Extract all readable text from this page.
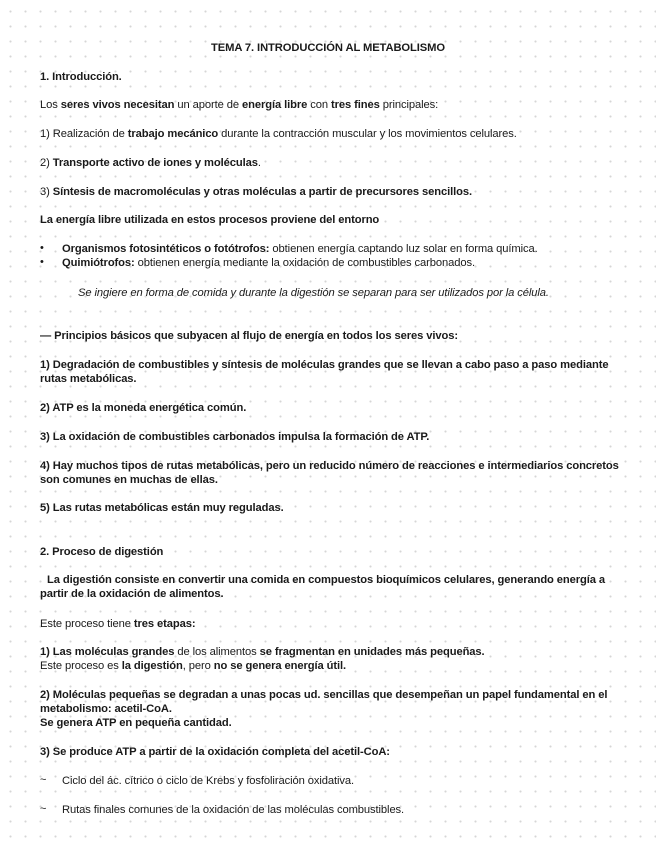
TEMA 7. INTRODUCCIÓN AL METABOLISMO
1. Introducción.
Los seres vivos necesitan un aporte de energía libre con tres fines principales:
1) Realización de trabajo mecánico durante la contracción muscular y los movimientos celulares.
2) Transporte activo de iones y moléculas.
3) Síntesis de macromoléculas y otras moléculas a partir de precursores sencillos.
La energía libre utilizada en estos procesos proviene del entorno
• Organismos fotosintéticos o fotótrofos: obtienen energía captando luz solar en forma química.
• Quimiótrofos: obtienen energía mediante la oxidación de combustibles carbonados.
Se ingiere en forma de comida y durante la digestión se separan para ser utilizados por la célula.
— Principios básicos que subyacen al flujo de energía en todos los seres vivos:
1) Degradación de combustibles y síntesis de moléculas grandes que se llevan a cabo paso a paso mediante rutas metabólicas.
2) ATP es la moneda energética común.
3) La oxidación de combustibles carbonados impulsa la formación de ATP.
4) Hay muchos tipos de rutas metabólicas, pero un reducido número de reacciones e intermediarios concretos son comunes en muchas de ellas.
5) Las rutas metabólicas están muy reguladas.
2. Proceso de digestión
La digestión consiste en convertir una comida en compuestos bioquímicos celulares, generando energía a partir de la oxidación de alimentos.
Este proceso tiene tres etapas:
1) Las moléculas grandes de los alimentos se fragmentan en unidades más pequeñas.
Este proceso es la digestión, pero no se genera energía útil.
2) Moléculas pequeñas se degradan a unas pocas ud. sencillas que desempeñan un papel fundamental en el metabolismo: acetil-CoA.
Se genera ATP en pequeña cantidad.
3) Se produce ATP a partir de la oxidación completa del acetil-CoA:
~ Ciclo del ác. cítrico o ciclo de Krebs y fosfoliración oxidativa.
~ Rutas finales comunes de la oxidación de las moléculas combustibles.
